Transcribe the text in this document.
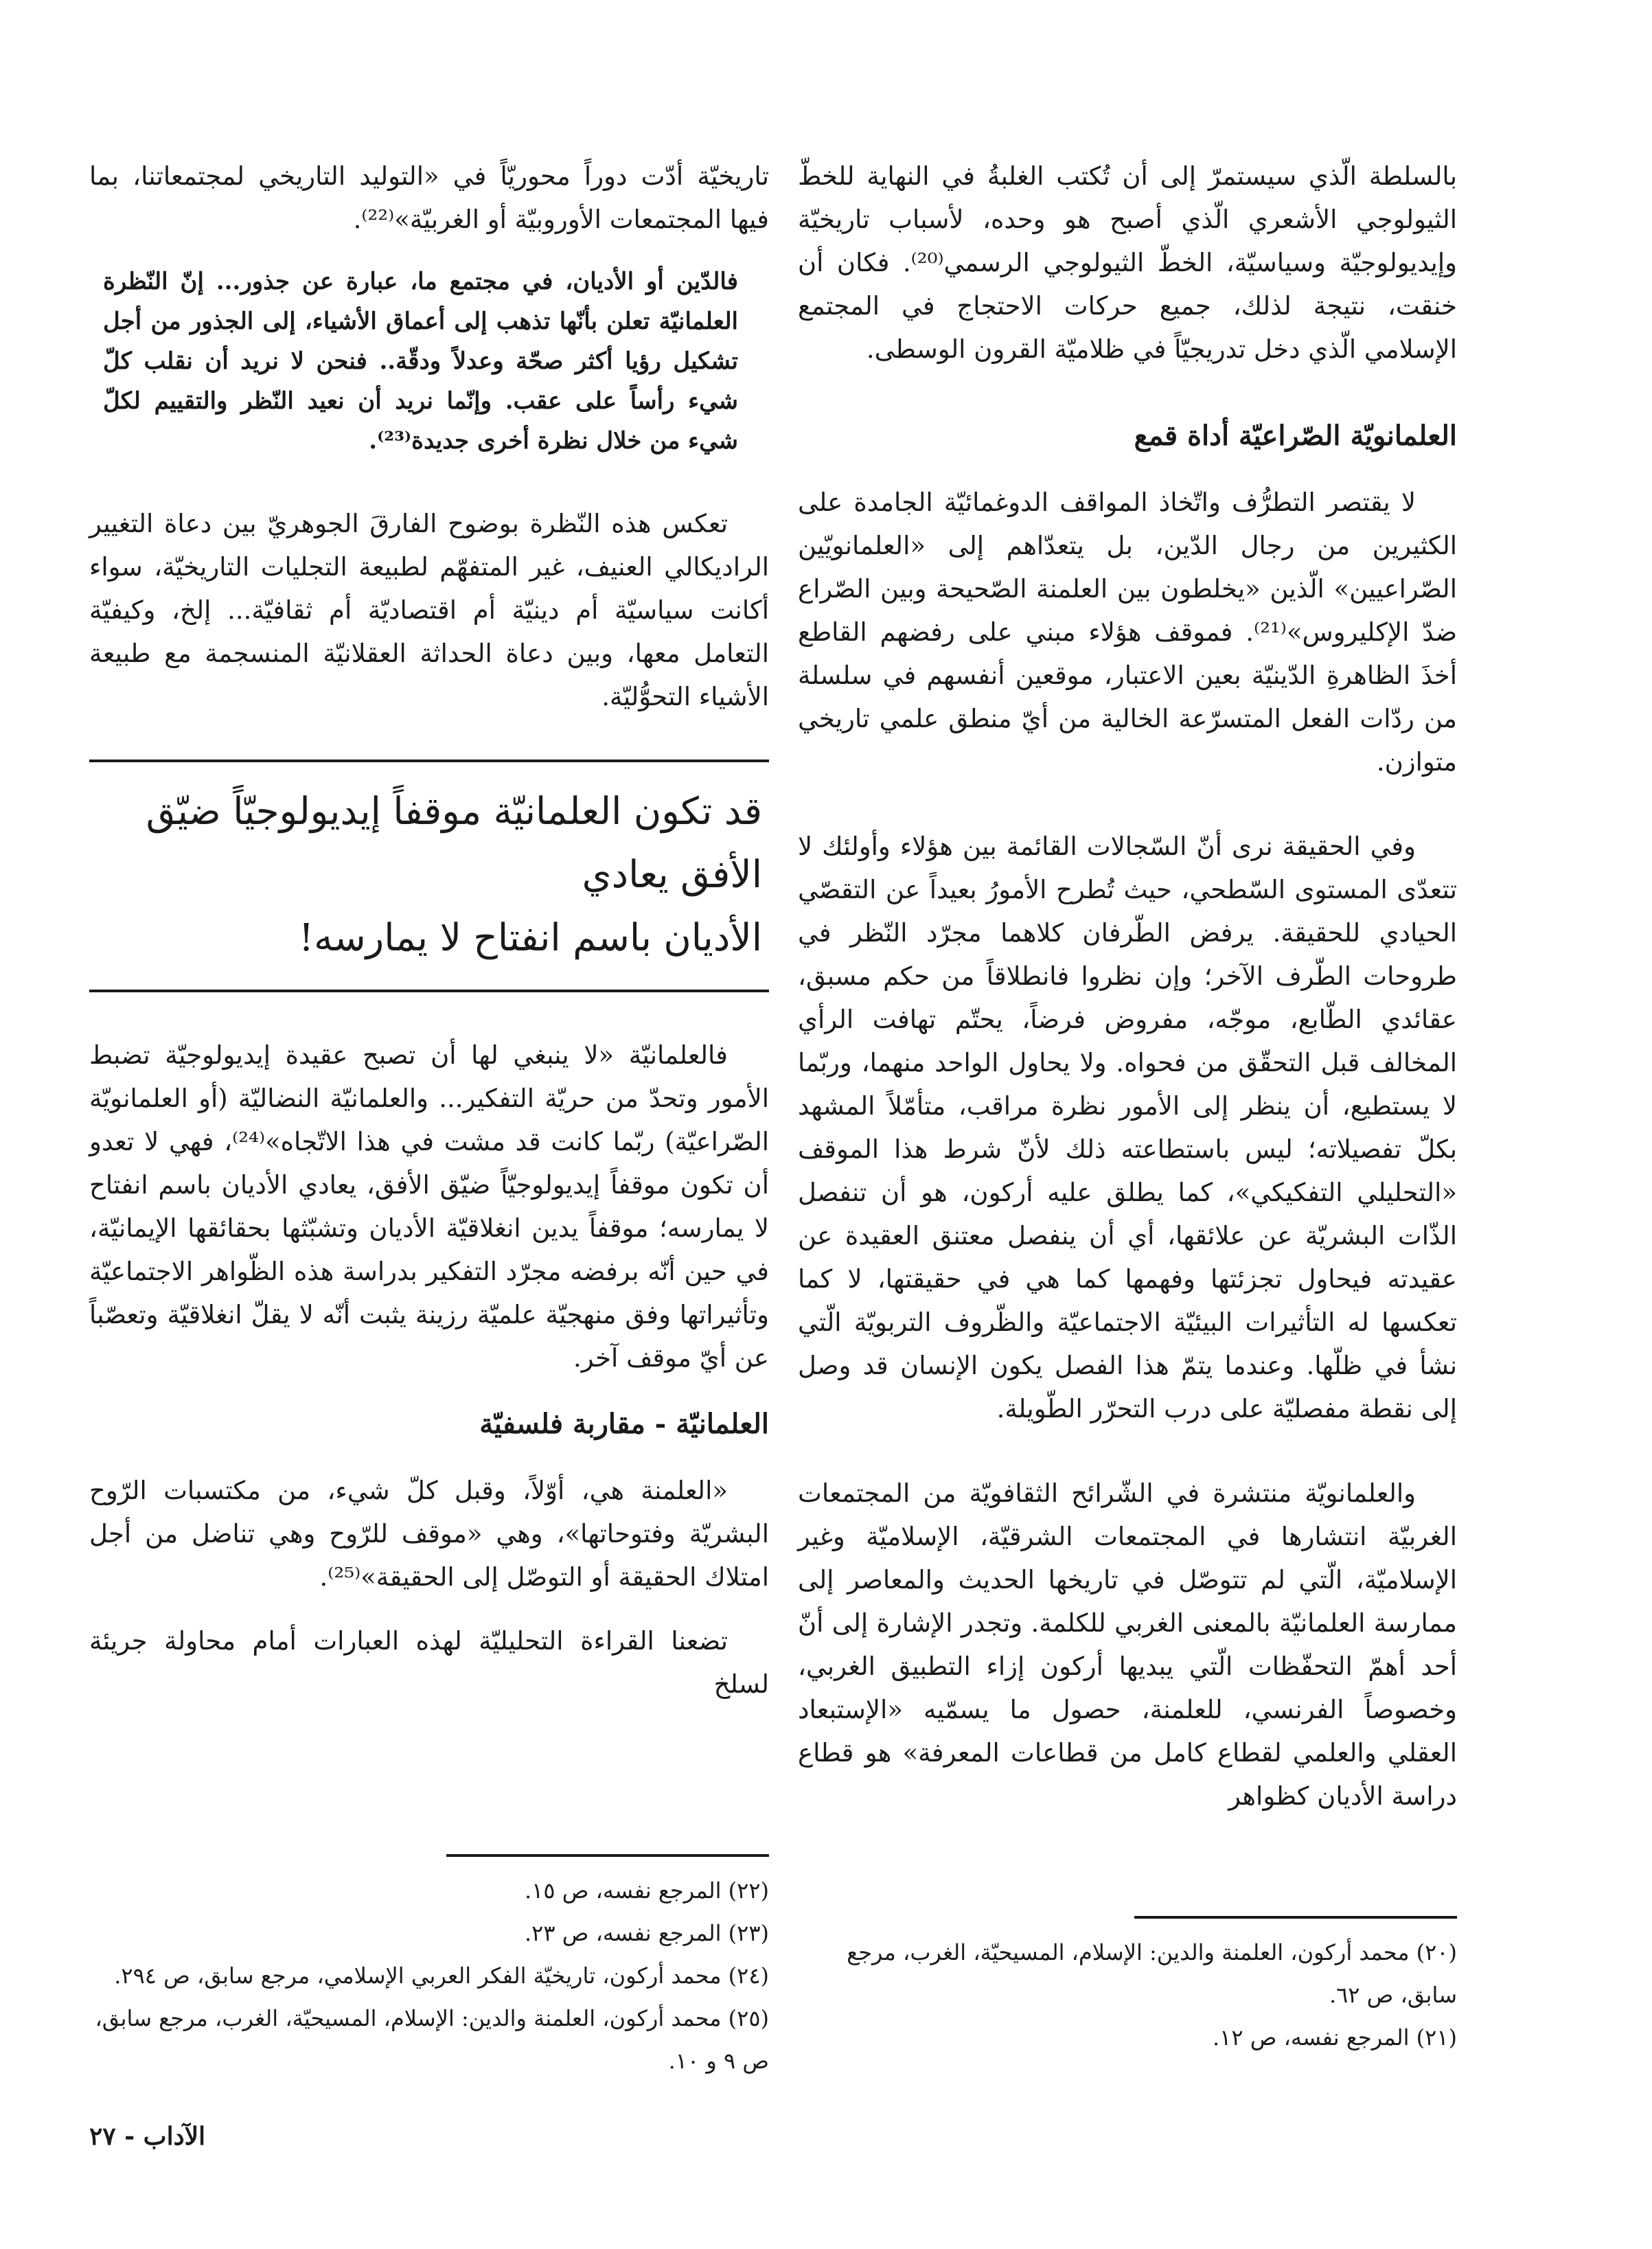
بالسلطة الّذي سيستمرّ إلى أن تُكتب الغلبةُ في النهاية للخطّ الثيولوجي الأشعري الّذي أصبح هو وحده، لأسباب تاريخيّة وإيديولوجيّة وسياسيّة، الخطّ الثيولوجي الرسمي⁽²⁰⁾. فكان أن خنقت، نتيجة لذلك، جميع حركات الاحتجاج في المجتمع الإسلامي الّذي دخل تدريجيّاً في ظلاميّة القرون الوسطى.

العلمانويّة الصّراعيّة أداة قمع

لا يقتصر التطرُّف واتّخاذ المواقف الدوغمائيّة الجامدة على الكثيرين من رجال الدّين، بل يتعدّاهم إلى «العلمانويّين الصّراعيين» الّذين «يخلطون بين العلمنة الصّحيحة وبين الصّراع ضدّ الإكليروس»⁽²¹⁾. فموقف هؤلاء مبني على رفضهم القاطع أخذَ الظاهرةِ الدّينيّة بعين الاعتبار، موقعين أنفسهم في سلسلة من ردّات الفعل المتسرّعة الخالية من أيّ منطق علمي تاريخي متوازن.

وفي الحقيقة نرى أنّ السّجالات القائمة بين هؤلاء وأولئك لا تتعدّى المستوى السّطحي، حيث تُطرح الأمورُ بعيداً عن التقصّي الحيادي للحقيقة. يرفض الطّرفان كلاهما مجرّد النّظر في طروحات الطّرف الآخر؛ وإن نظروا فانطلاقاً من حكم مسبق، عقائدي الطّابع، موجّه، مفروض فرضاً، يحتّم تهافت الرأي المخالف قبل التحقّق من فحواه. ولا يحاول الواحد منهما، وربّما لا يستطيع، أن ينظر إلى الأمور نظرة مراقب، متأمّلاً المشهد بكلّ تفصيلاته؛ ليس باستطاعته ذلك لأنّ شرط هذا الموقف «التحليلي التفكيكي»، كما يطلق عليه أركون، هو أن تنفصل الذّات البشريّة عن علائقها، أي أن ينفصل معتنق العقيدة عن عقيدته فيحاول تجزئتها وفهمها كما هي في حقيقتها، لا كما تعكسها له التأثيرات البيئيّة الاجتماعيّة والظّروف التربويّة الّتي نشأ في ظلّها. وعندما يتمّ هذا الفصل يكون الإنسان قد وصل إلى نقطة مفصليّة على درب التحرّر الطّويلة.

والعلمانويّة منتشرة في الشّرائح الثقافويّة من المجتمعات الغربيّة انتشارها في المجتمعات الشرقيّة، الإسلاميّة وغير الإسلاميّة، الّتي لم تتوصّل في تاريخها الحديث والمعاصر إلى ممارسة العلمانيّة بالمعنى الغربي للكلمة. وتجدر الإشارة إلى أنّ أحد أهمّ التحفّظات الّتي يبديها أركون إزاء التطبيق الغربي، وخصوصاً الفرنسي، للعلمنة، حصول ما يسمّيه «الإستبعاد العقلي والعلمي لقطاع كامل من قطاعات المعرفة» هو قطاع دراسة الأديان كظواهر

(٢٠) محمد أركون، العلمنة والدين: الإسلام، المسيحيّة، الغرب، مرجع سابق، ص ٦٢.

(٢١) المرجع نفسه، ص ١٢.

تاريخيّة أدّت دوراً محوريّاً في «التوليد التاريخي لمجتمعاتنا، بما فيها المجتمعات الأوروبيّة أو الغربيّة»⁽²²⁾.

فالدّين أو الأديان، في مجتمع ما، عبارة عن جذور... إنّ النّظرة العلمانيّة تعلن بأنّها تذهب إلى أعماق الأشياء، إلى الجذور من أجل تشكيل رؤيا أكثر صحّة وعدلاً ودقّة.. فنحن لا نريد أن نقلب كلّ شيء رأساً على عقب. وإنّما نريد أن نعيد النّظر والتقييم لكلّ شيء من خلال نظرة أخرى جديدة⁽²³⁾.

تعكس هذه النّظرة بوضوح الفارقَ الجوهريّ بين دعاة التغيير الراديكالي العنيف، غير المتفهّم لطبيعة التجليات التاريخيّة، سواء أكانت سياسيّة أم دينيّة أم اقتصاديّة أم ثقافيّة... إلخ، وكيفيّة التعامل معها، وبين دعاة الحداثة العقلانيّة المنسجمة مع طبيعة الأشياء التحوُّليّة.

قد تكون العلمانيّة موقفاً إيديولوجيّاً ضيّق الأفق يعادي
الأديان باسم انفتاح لا يمارسه!

فالعلمانيّة «لا ينبغي لها أن تصبح عقيدة إيديولوجيّة تضبط الأمور وتحدّ من حريّة التفكير... والعلمانيّة النضاليّة (أو العلمانويّة الصّراعيّة) ربّما كانت قد مشت في هذا الاتّجاه»⁽²⁴⁾، فهي لا تعدو أن تكون موقفاً إيديولوجيّاً ضيّق الأفق، يعادي الأديان باسم انفتاح لا يمارسه؛ موقفاً يدين انغلاقيّة الأديان وتشبّثها بحقائقها الإيمانيّة، في حين أنّه برفضه مجرّد التفكير بدراسة هذه الظّواهر الاجتماعيّة وتأثيراتها وفق منهجيّة علميّة رزينة يثبت أنّه لا يقلّ انغلاقيّة وتعصّباً عن أيّ موقف آخر.

العلمانيّة - مقاربة فلسفيّة

«العلمنة هي، أوّلاً، وقبل كلّ شيء، من مكتسبات الرّوح البشريّة وفتوحاتها»، وهي «موقف للرّوح وهي تناضل من أجل امتلاك الحقيقة أو التوصّل إلى الحقيقة»⁽²⁵⁾.

تضعنا القراءة التحليليّة لهذه العبارات أمام محاولة جريئة لسلخ

(٢٢) المرجع نفسه، ص ١٥.

(٢٣) المرجع نفسه، ص ٢٣.

(٢٤) محمد أركون، تاريخيّة الفكر العربي الإسلامي، مرجع سابق، ص ٢٩٤.

(٢٥) محمد أركون، العلمنة والدين: الإسلام، المسيحيّة، الغرب، مرجع سابق، ص ٩ و ١٠.

الآداب - ٢٧
